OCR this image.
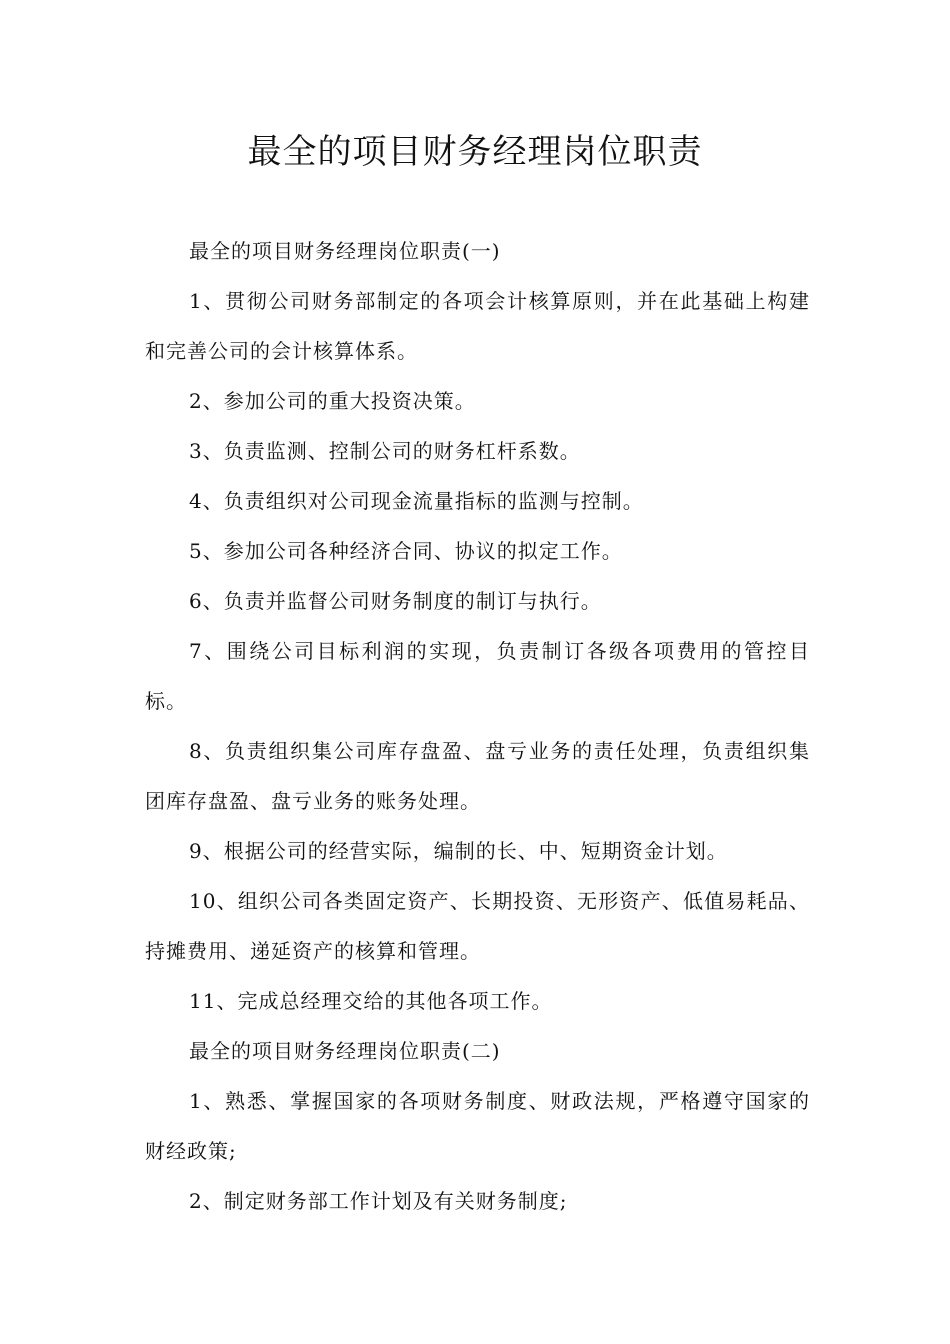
最全的项目财务经理岗位职责

最全的项目财务经理岗位职责(一)

1、贯彻公司财务部制定的各项会计核算原则，并在此基础上构建和完善公司的会计核算体系。

2、参加公司的重大投资决策。

3、负责监测、控制公司的财务杠杆系数。

4、负责组织对公司现金流量指标的监测与控制。

5、参加公司各种经济合同、协议的拟定工作。

6、负责并监督公司财务制度的制订与执行。

7、围绕公司目标利润的实现，负责制订各级各项费用的管控目标。

8、负责组织集公司库存盘盈、盘亏业务的责任处理，负责组织集团库存盘盈、盘亏业务的账务处理。

9、根据公司的经营实际，编制的长、中、短期资金计划。

10、组织公司各类固定资产、长期投资、无形资产、低值易耗品、持摊费用、递延资产的核算和管理。

11、完成总经理交给的其他各项工作。

最全的项目财务经理岗位职责(二)

1、熟悉、掌握国家的各项财务制度、财政法规，严格遵守国家的财经政策;

2、制定财务部工作计划及有关财务制度;
